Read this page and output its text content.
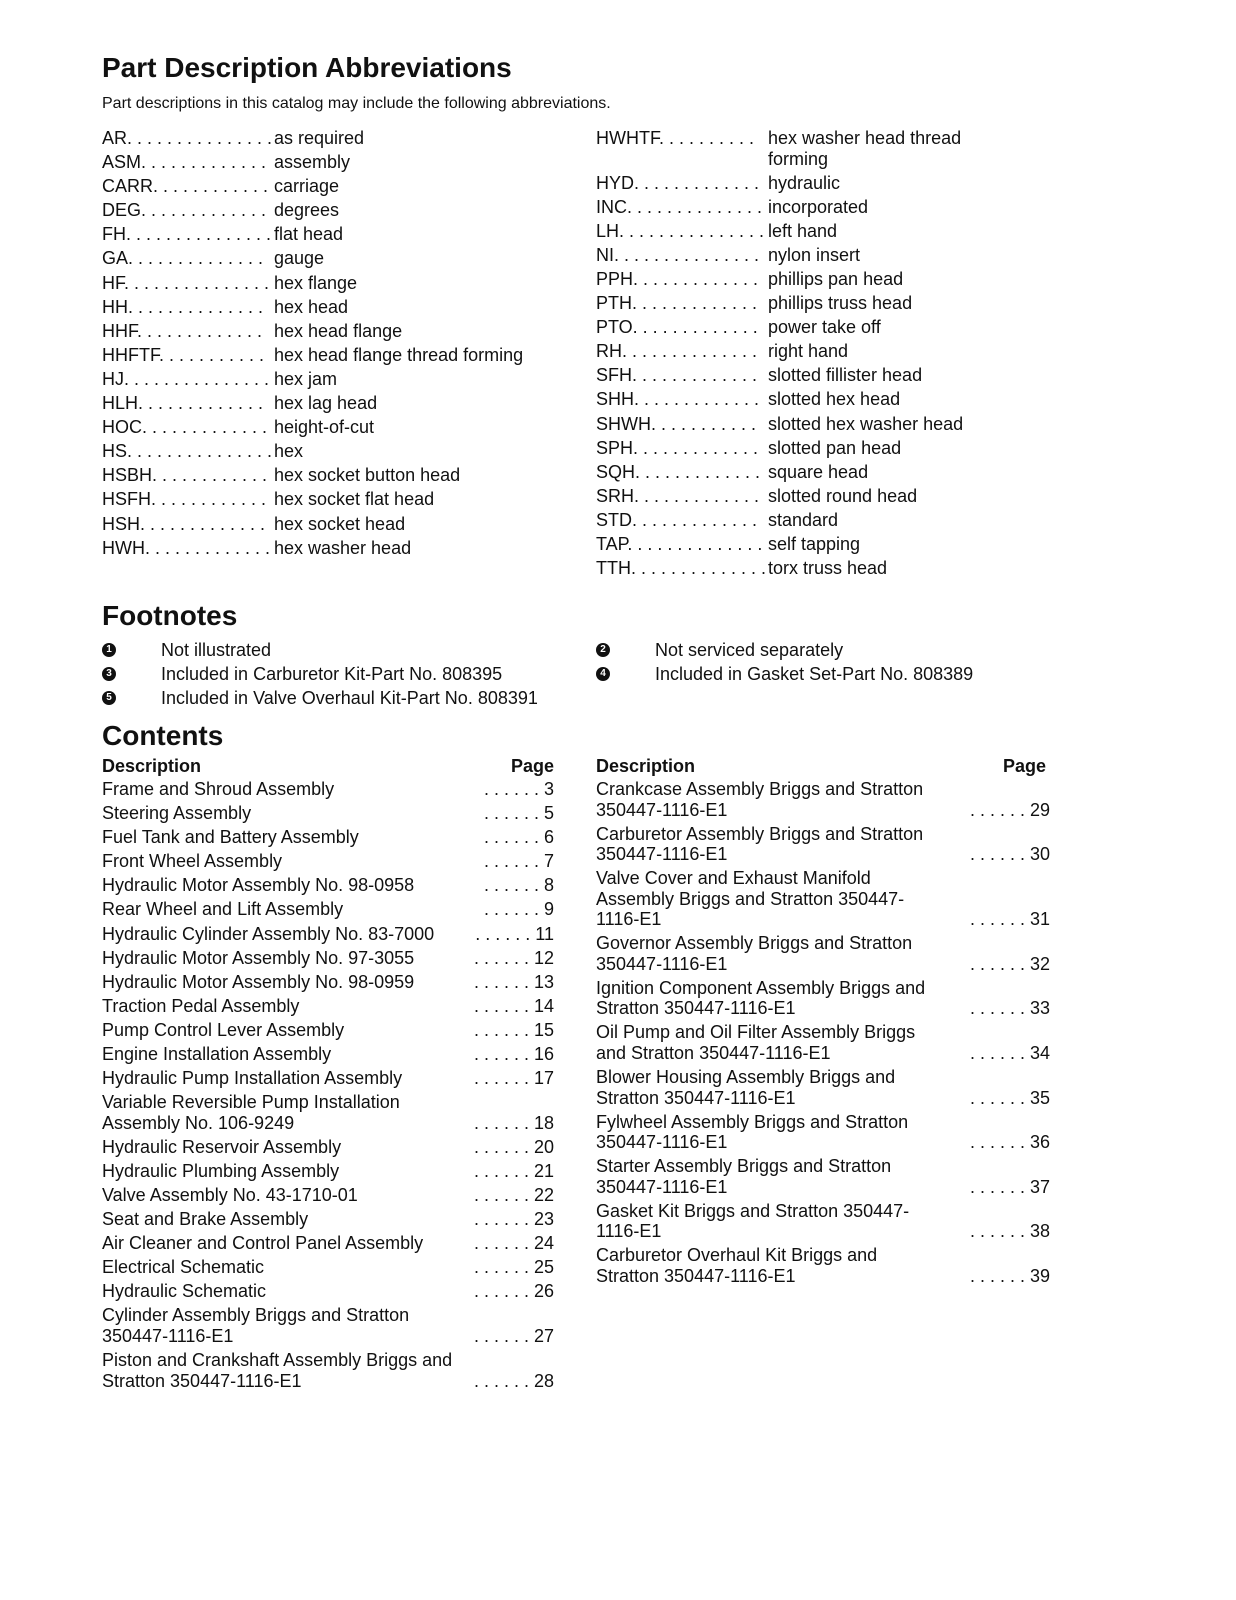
Part Description Abbreviations
Part descriptions in this catalog may include the following abbreviations.
AR. . . . . . . . . . . . . . . as required
ASM. . . . . . . . . . . . . assembly
CARR. . . . . . . . . . . . carriage
DEG. . . . . . . . . . . . . degrees
FH. . . . . . . . . . . . . . . flat head
GA. . . . . . . . . . . . . . gauge
HF. . . . . . . . . . . . . . . hex flange
HH. . . . . . . . . . . . . . hex head
HHF. . . . . . . . . . . . . hex head flange
HHFTF. . . . . . . . . . . hex head flange thread forming
HJ. . . . . . . . . . . . . . . hex jam
HLH. . . . . . . . . . . . . hex lag head
HOC. . . . . . . . . . . . . height-of-cut
HS. . . . . . . . . . . . . . . hex
HSBH. . . . . . . . . . . . hex socket button head
HSFH. . . . . . . . . . . . hex socket flat head
HSH. . . . . . . . . . . . . hex socket head
HWH. . . . . . . . . . . . . hex washer head
HWHTF. . . . . . . . . . hex washer head thread forming
HYD. . . . . . . . . . . . . hydraulic
INC. . . . . . . . . . . . . . incorporated
LH. . . . . . . . . . . . . . . left hand
NI. . . . . . . . . . . . . . . nylon insert
PPH. . . . . . . . . . . . . phillips pan head
PTH. . . . . . . . . . . . . phillips truss head
PTO. . . . . . . . . . . . . power take off
RH. . . . . . . . . . . . . . right hand
SFH. . . . . . . . . . . . . slotted fillister head
SHH. . . . . . . . . . . . . slotted hex head
SHWH. . . . . . . . . . . slotted hex washer head
SPH. . . . . . . . . . . . . slotted pan head
SQH. . . . . . . . . . . . . square head
SRH. . . . . . . . . . . . . slotted round head
STD. . . . . . . . . . . . . standard
TAP. . . . . . . . . . . . . . self tapping
TTH. . . . . . . . . . . . . . torx truss head
Footnotes
1	Not illustrated
3	Included in Carburetor Kit-Part No. 808395
5	Included in Valve Overhaul Kit-Part No. 808391
2	Not serviced separately
4	Included in Gasket Set-Part No. 808389
Contents
Description	Page
Frame and Shroud Assembly	. . . . . . 3
Steering Assembly	. . . . . . 5
Fuel Tank and Battery Assembly	. . . . . . 6
Front Wheel Assembly	. . . . . . 7
Hydraulic Motor Assembly No. 98-0958	. . . . . . 8
Rear Wheel and Lift Assembly	. . . . . . 9
Hydraulic Cylinder Assembly No. 83-7000	. . . . . . 11
Hydraulic Motor Assembly No. 97-3055	. . . . . . 12
Hydraulic Motor Assembly No. 98-0959	. . . . . . 13
Traction Pedal Assembly	. . . . . . 14
Pump Control Lever Assembly	. . . . . . 15
Engine Installation Assembly	. . . . . . 16
Hydraulic Pump Installation Assembly	. . . . . . 17
Variable Reversible Pump Installation Assembly No. 106-9249	. . . . . . 18
Hydraulic Reservoir Assembly	. . . . . . 20
Hydraulic Plumbing Assembly	. . . . . . 21
Valve Assembly No. 43-1710-01	. . . . . . 22
Seat and Brake Assembly	. . . . . . 23
Air Cleaner and Control Panel Assembly	. . . . . . 24
Electrical Schematic	. . . . . . 25
Hydraulic Schematic	. . . . . . 26
Cylinder Assembly Briggs and Stratton 350447-1116-E1	. . . . . . 27
Piston and Crankshaft Assembly Briggs and Stratton 350447-1116-E1	. . . . . . 28
Description	Page
Crankcase Assembly Briggs and Stratton 350447-1116-E1	. . . . . . 29
Carburetor Assembly Briggs and Stratton 350447-1116-E1	. . . . . . 30
Valve Cover and Exhaust Manifold Assembly Briggs and Stratton 350447-1116-E1	. . . . . . 31
Governor Assembly Briggs and Stratton 350447-1116-E1	. . . . . . 32
Ignition Component Assembly Briggs and Stratton 350447-1116-E1	. . . . . . 33
Oil Pump and Oil Filter Assembly Briggs and Stratton 350447-1116-E1	. . . . . . 34
Blower Housing Assembly Briggs and Stratton 350447-1116-E1	. . . . . . 35
Fylwheel Assembly Briggs and Stratton 350447-1116-E1	. . . . . . 36
Starter Assembly Briggs and Stratton 350447-1116-E1	. . . . . . 37
Gasket Kit Briggs and Stratton 350447-1116-E1	. . . . . . 38
Carburetor Overhaul Kit Briggs and Stratton 350447-1116-E1	. . . . . . 39
